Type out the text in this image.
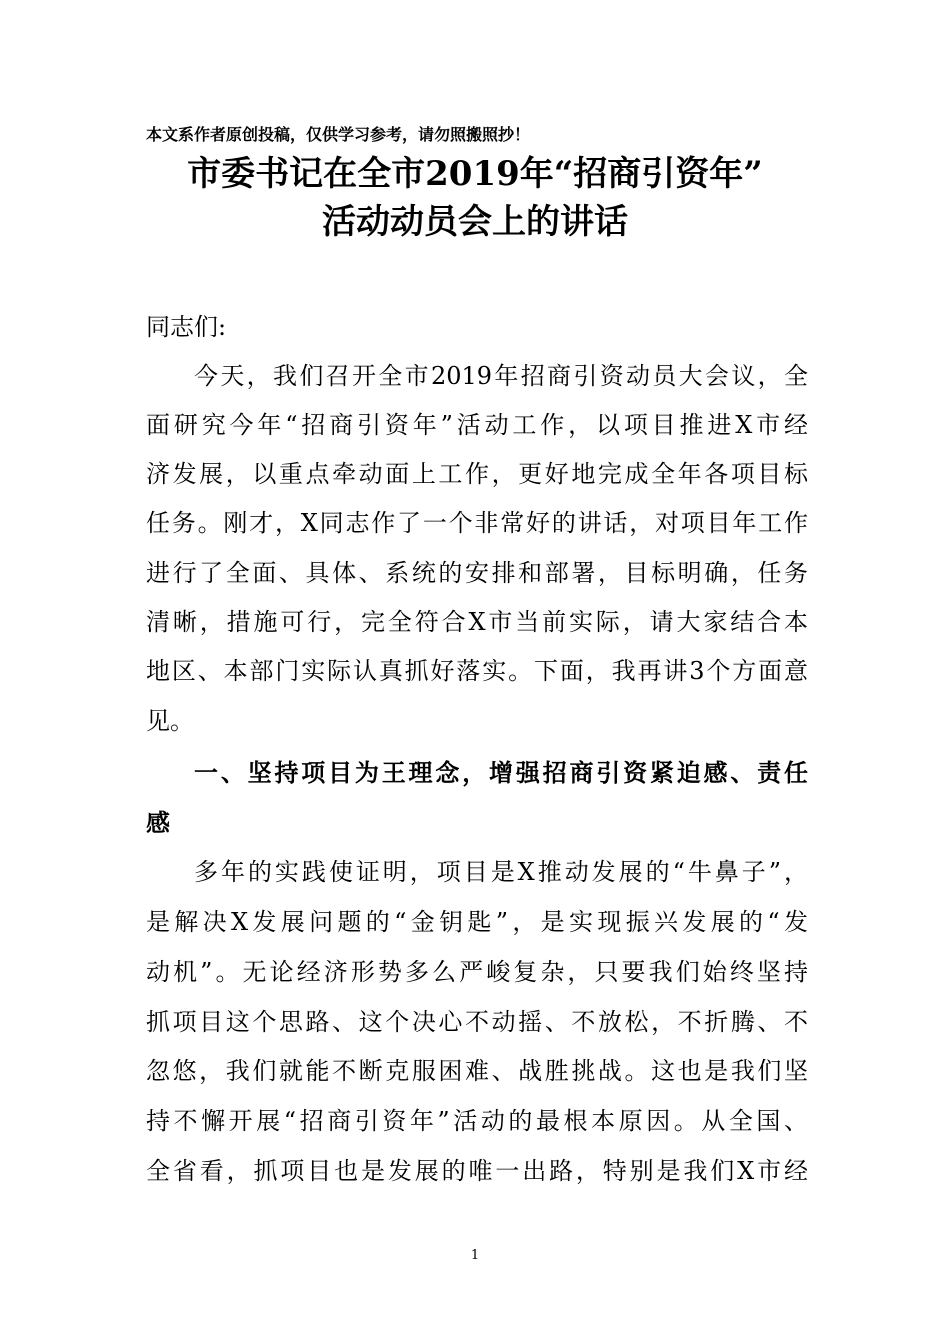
本文系作者原创投稿，仅供学习参考，请勿照搬照抄！
市委书记在全市2019年“招商引资年”
活动动员会上的讲话
同志们:
今天，我们召开全市2019年招商引资动员大会议，全
面研究今年“招商引资年”活动工作，以项目推进X市经
济发展，以重点牵动面上工作，更好地完成全年各项目标
任务。刚才，X同志作了一个非常好的讲话，对项目年工作
进行了全面、具体、系统的安排和部署，目标明确，任务
清晰，措施可行，完全符合X市当前实际，请大家结合本
地区、本部门实际认真抓好落实。下面，我再讲3个方面意
见。
一、坚持项目为王理念，增强招商引资紧迫感、责任
感
多年的实践使证明，项目是X推动发展的“牛鼻子”，
是解决X发展问题的“金钥匙”，是实现振兴发展的“发
动机”。无论经济形势多么严峻复杂，只要我们始终坚持
抓项目这个思路、这个决心不动摇、不放松，不折腾、不
忽悠，我们就能不断克服困难、战胜挑战。这也是我们坚
持不懈开展“招商引资年”活动的最根本原因。从全国、
全省看，抓项目也是发展的唯一出路，特别是我们X市经
1
